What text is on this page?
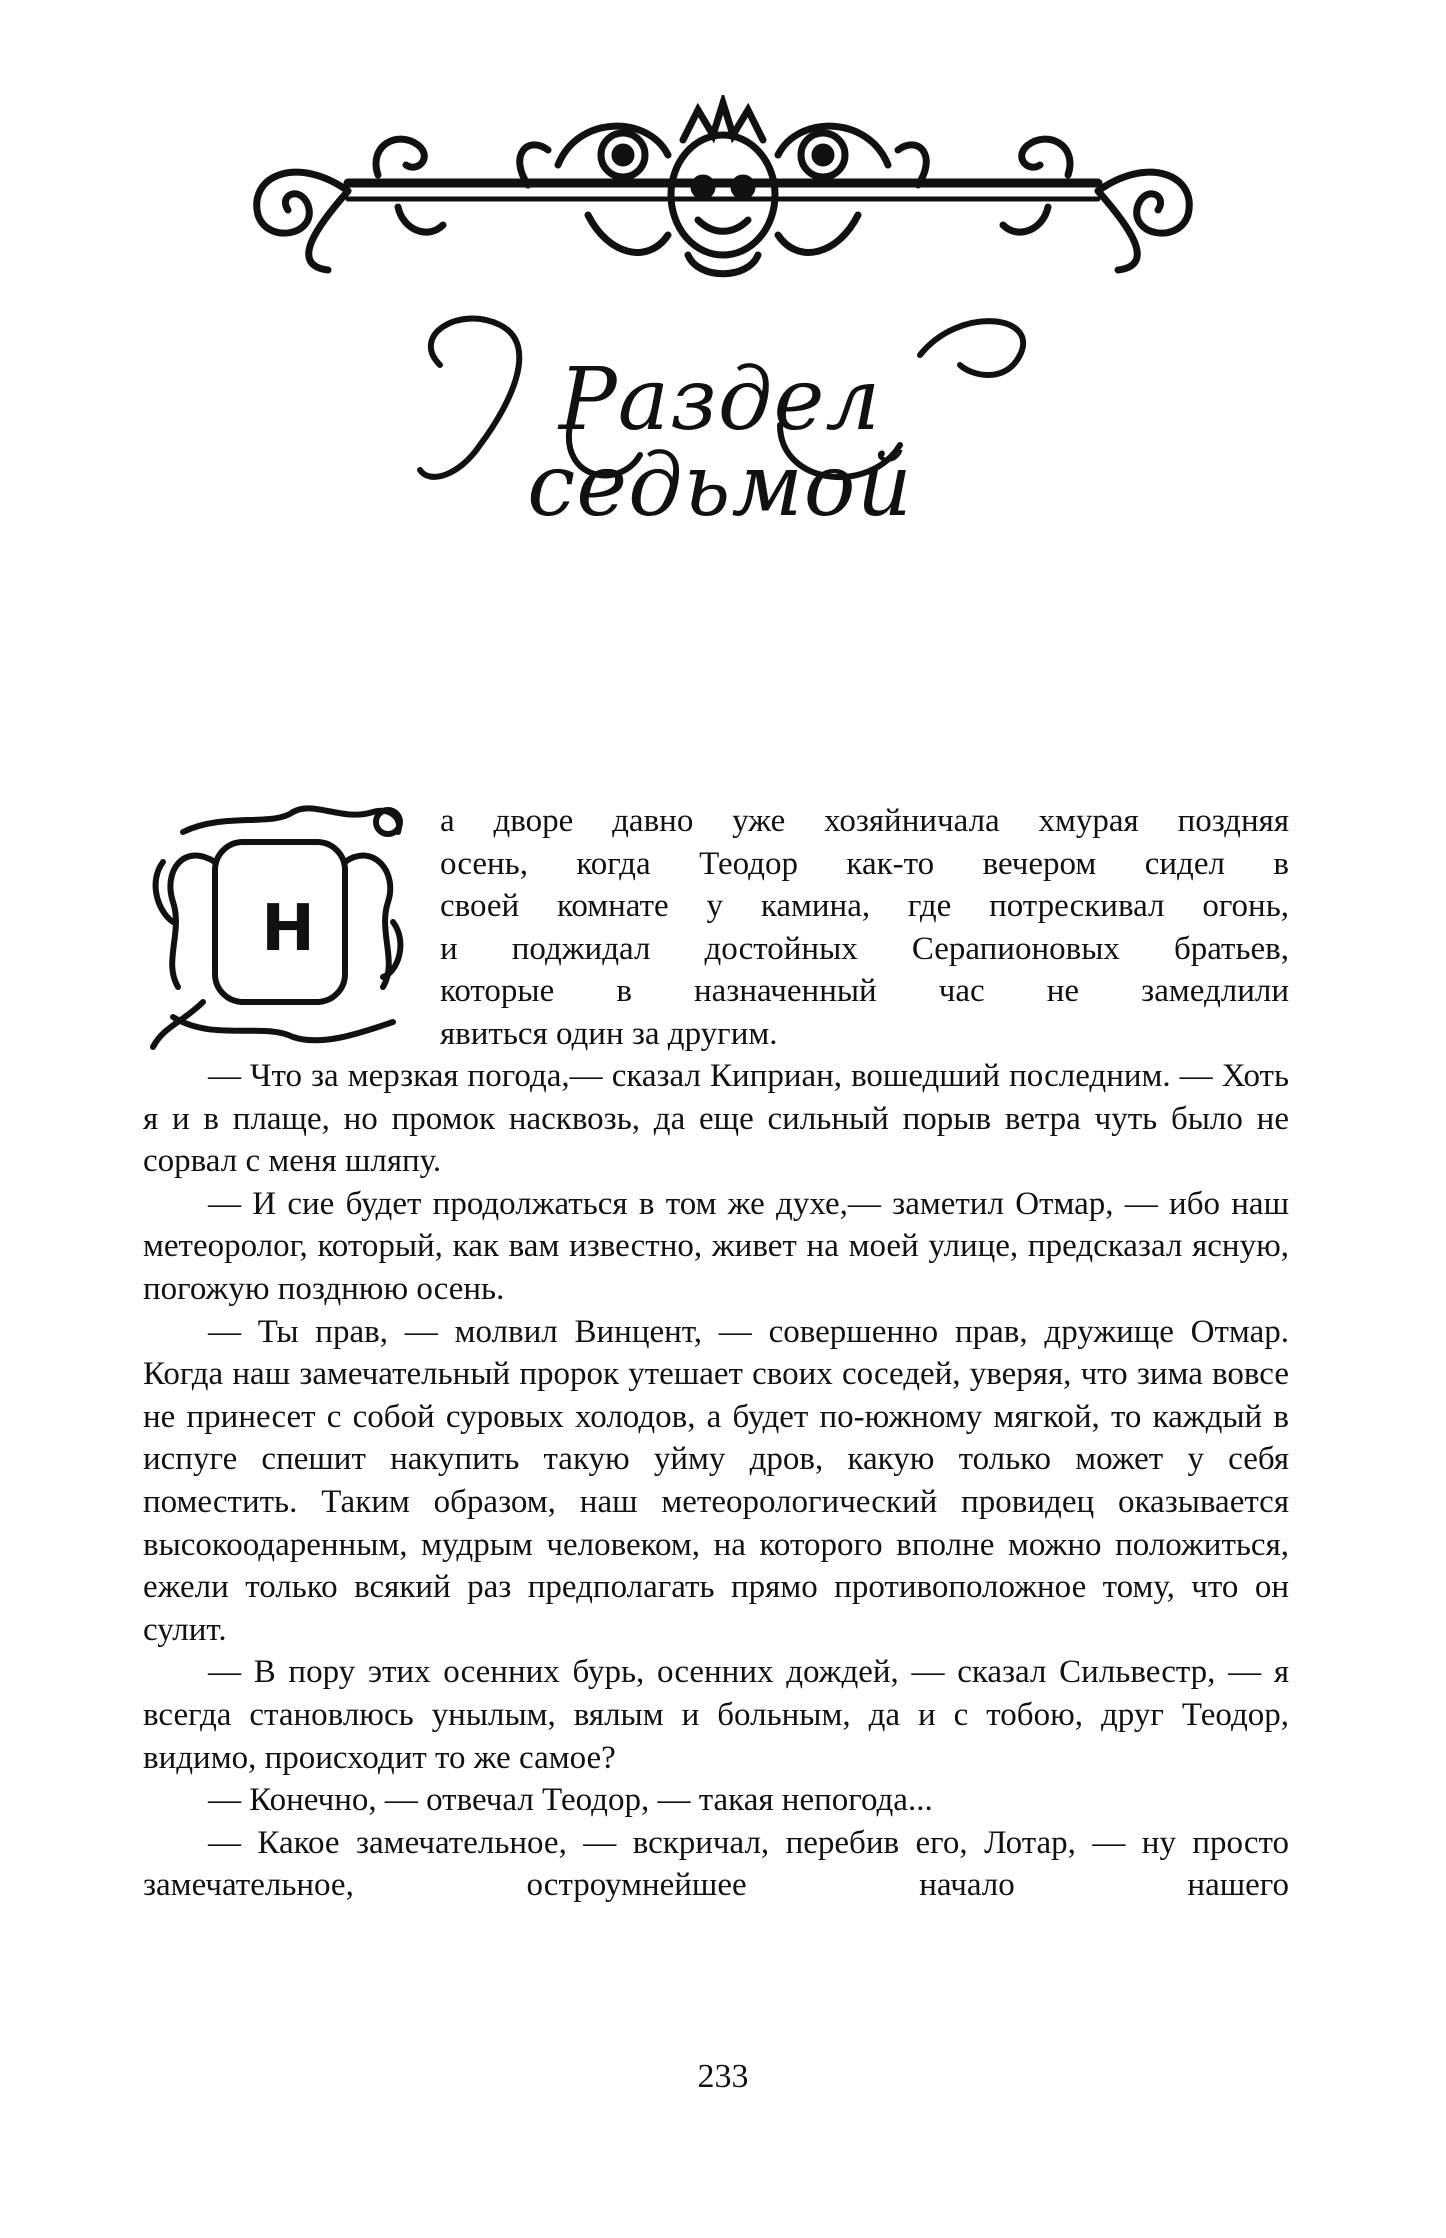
Раздел седьмой
Н
а дворе давно уже хозяйничала хмурая поздняя
осень, когда Теодор как-то вечером сидел в
своей комнате у камина, где потрескивал огонь,
и поджидал достойных Серапионовых братьев,
которые в назначенный час не замедлили
явиться один за другим.

— Что за мерзкая погода,— сказал Киприан, вошедший последним. — Хоть я и в плаще, но промок насквозь, да еще сильный порыв ветра чуть было не сорвал с меня шляпу.

— И сие будет продолжаться в том же духе,— заметил Отмар, — ибо наш метеоролог, который, как вам известно, живет на моей улице, предсказал ясную, погожую позднюю осень.

— Ты прав, — молвил Винцент, — совершенно прав, дружище Отмар. Когда наш замечательный пророк утешает своих соседей, уверяя, что зима вовсе не принесет с собой суровых холодов, а будет по-южному мягкой, то каждый в испуге спешит накупить такую уйму дров, какую только может у себя поместить. Таким образом, наш метеорологический провидец оказывается высокоодаренным, мудрым человеком, на которого вполне можно положиться, ежели только всякий раз предполагать прямо противоположное тому, что он сулит.

— В пору этих осенних бурь, осенних дождей, — сказал Сильвестр, — я всегда становлюсь унылым, вялым и больным, да и с тобою, друг Теодор, видимо, происходит то же самое?

— Конечно, — отвечал Теодор, — такая непогода...

— Какое замечательное, — вскричал, перебив его, Лотар, — ну просто замечательное, остроумнейшее начало нашего

233
